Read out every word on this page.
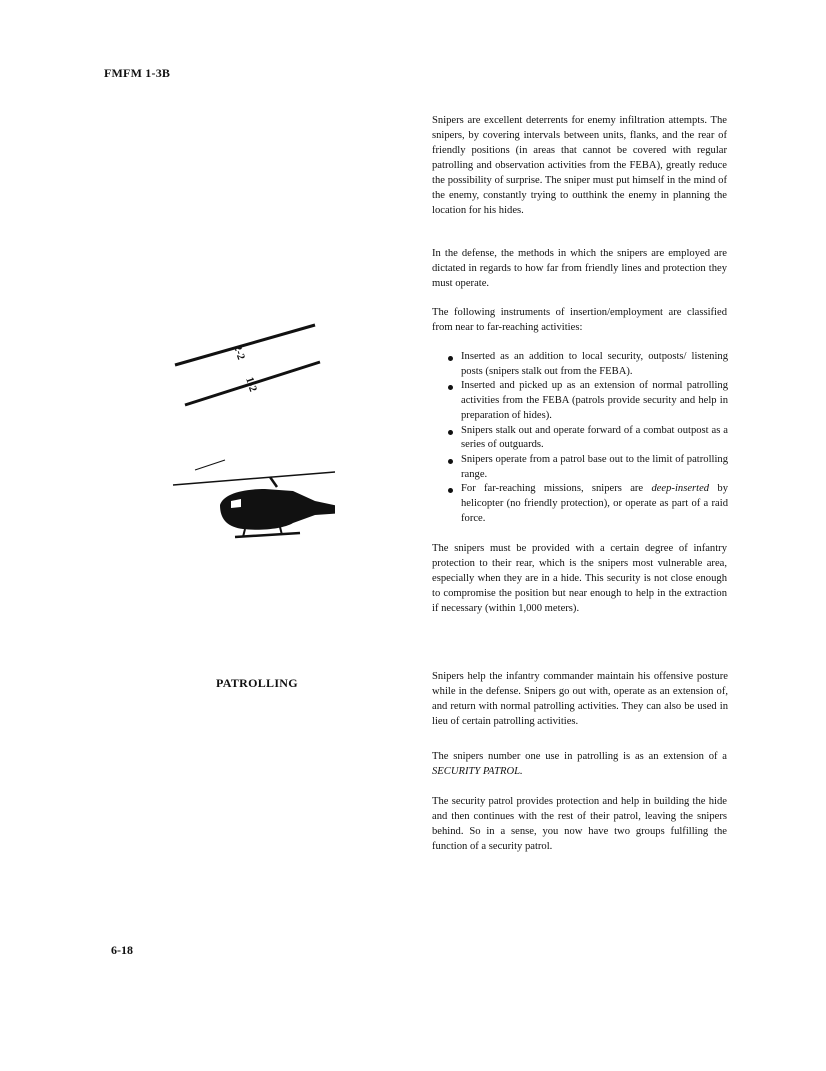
FMFM 1-3B

Snipers are excellent deterrents for enemy infiltration attempts. The snipers, by covering intervals between units, flanks, and the rear of friendly positions (in areas that cannot be covered with regular patrolling and observation activities from the FEBA), greatly reduce the possibility of surprise. The sniper must put himself in the mind of the enemy, constantly trying to outthink the enemy in planning the location for his hides.

In the defense, the methods in which the snipers are employed are dictated in regards to how far from friendly lines and protection they must operate.

The following instruments of insertion/employment are classified from near to far-reaching activities:

Inserted as an addition to local security, outposts/ listening posts (snipers stalk out from the FEBA).
Inserted and picked up as an extension of normal patrolling activities from the FEBA (patrols provide security and help in preparation of hides).
Snipers stalk out and operate forward of a combat outpost as a series of outguards.
Snipers operate from a patrol base out to the limit of patrolling range.
For far-reaching missions, snipers are deep-inserted by helicopter (no friendly protection), or operate as part of a raid force.

The snipers must be provided with a certain degree of infantry protection to their rear, which is the snipers most vulnerable area, especially when they are in a hide. This security is not close enough to compromise the position but near enough to help in the extraction if necessary (within 1,000 meters).

2-2
1-2
PATROLLING	Snipers help the infantry commander maintain his offensive posture while in the defense. Snipers go out with, operate as an extension of, and return with normal patrolling activities. They can also be used in lieu of certain patrolling activities.

The snipers number one use in patrolling is as an extension of a SECURITY PATROL.

The security patrol provides protection and help in building the hide and then continues with the rest of their patrol, leaving the snipers behind. So in a sense, you now have two groups fulfilling the function of a security patrol.

6-18
